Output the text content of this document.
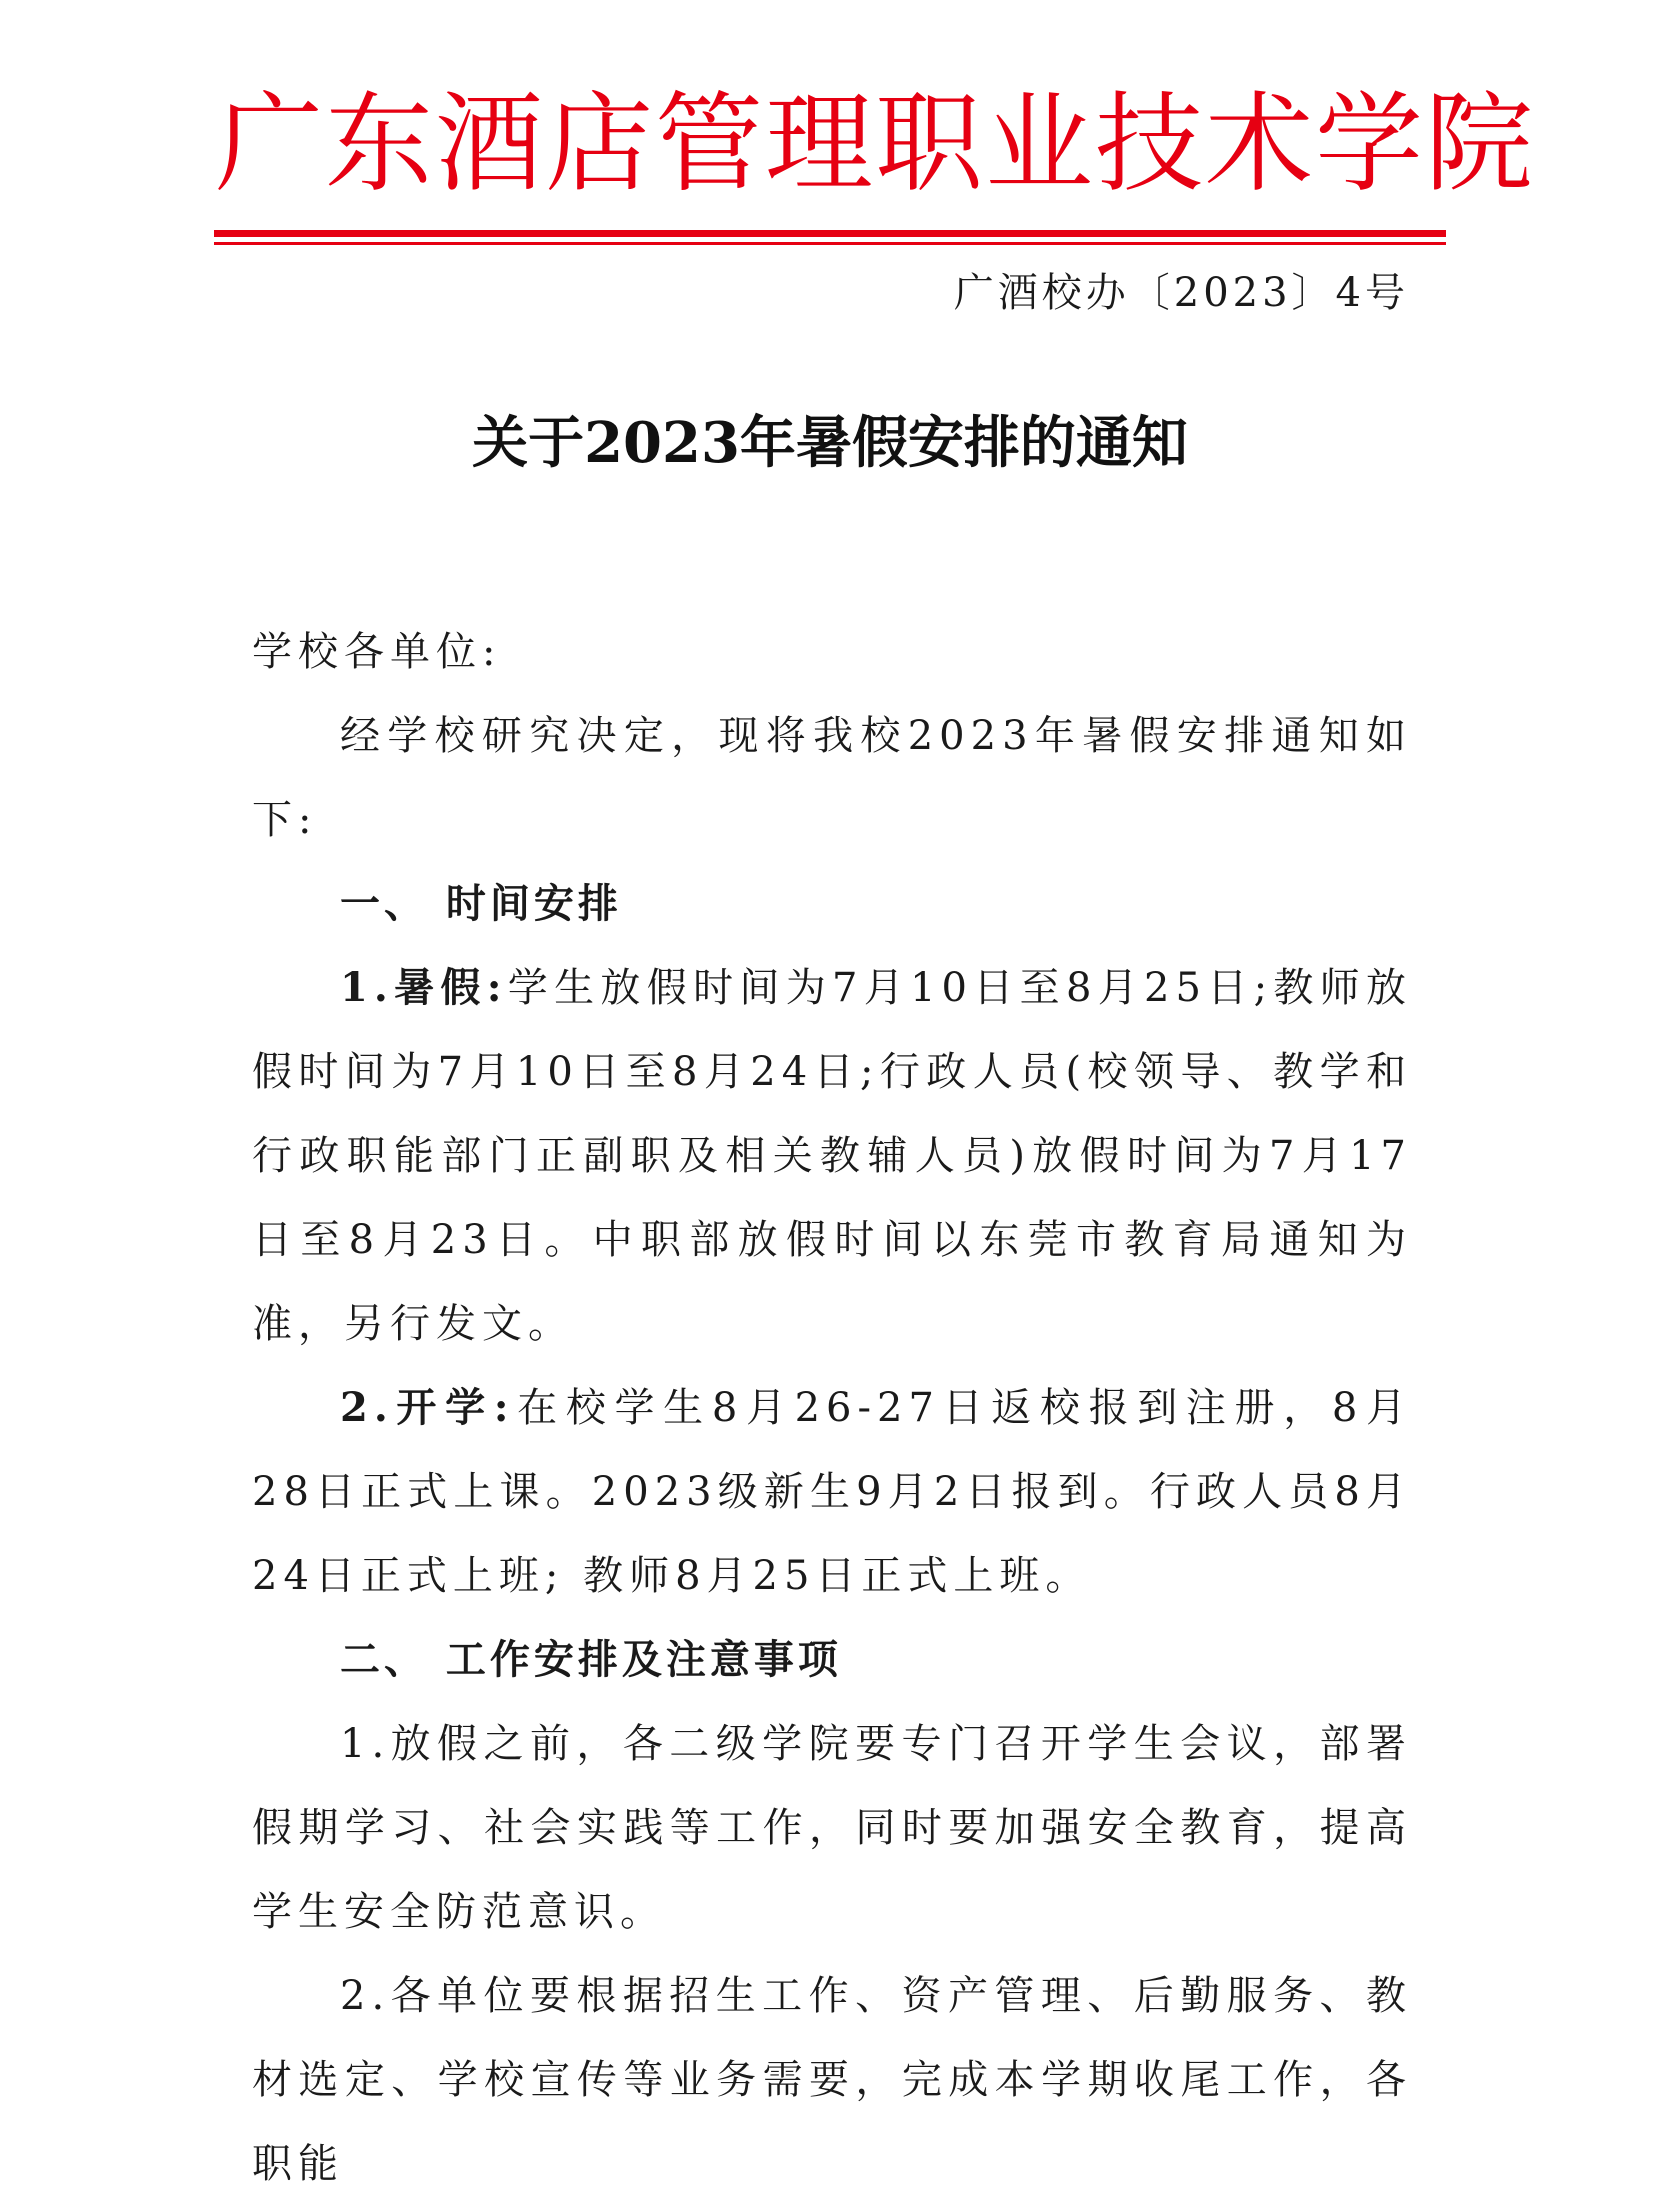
广东酒店管理职业技术学院
广酒校办〔2023〕4号
关于2023年暑假安排的通知

学校各单位:

经学校研究决定，现将我校2023年暑假安排通知如下:

一、 时间安排

1.暑假:学生放假时间为7月10日至8月25日;教师放假时间为7月10日至8月24日;行政人员(校领导、教学和行政职能部门正副职及相关教辅人员)放假时间为7月17日至8月23日。中职部放假时间以东莞市教育局通知为准，另行发文。

2.开学:在校学生8月26-27日返校报到注册，8月28日正式上课。2023级新生9月2日报到。行政人员8月24日正式上班; 教师8月25日正式上班。

二、 工作安排及注意事项

1.放假之前，各二级学院要专门召开学生会议，部署假期学习、社会实践等工作，同时要加强安全教育，提高学生安全防范意识。

2.各单位要根据招生工作、资产管理、后勤服务、教材选定、学校宣传等业务需要，完成本学期收尾工作，各职能
